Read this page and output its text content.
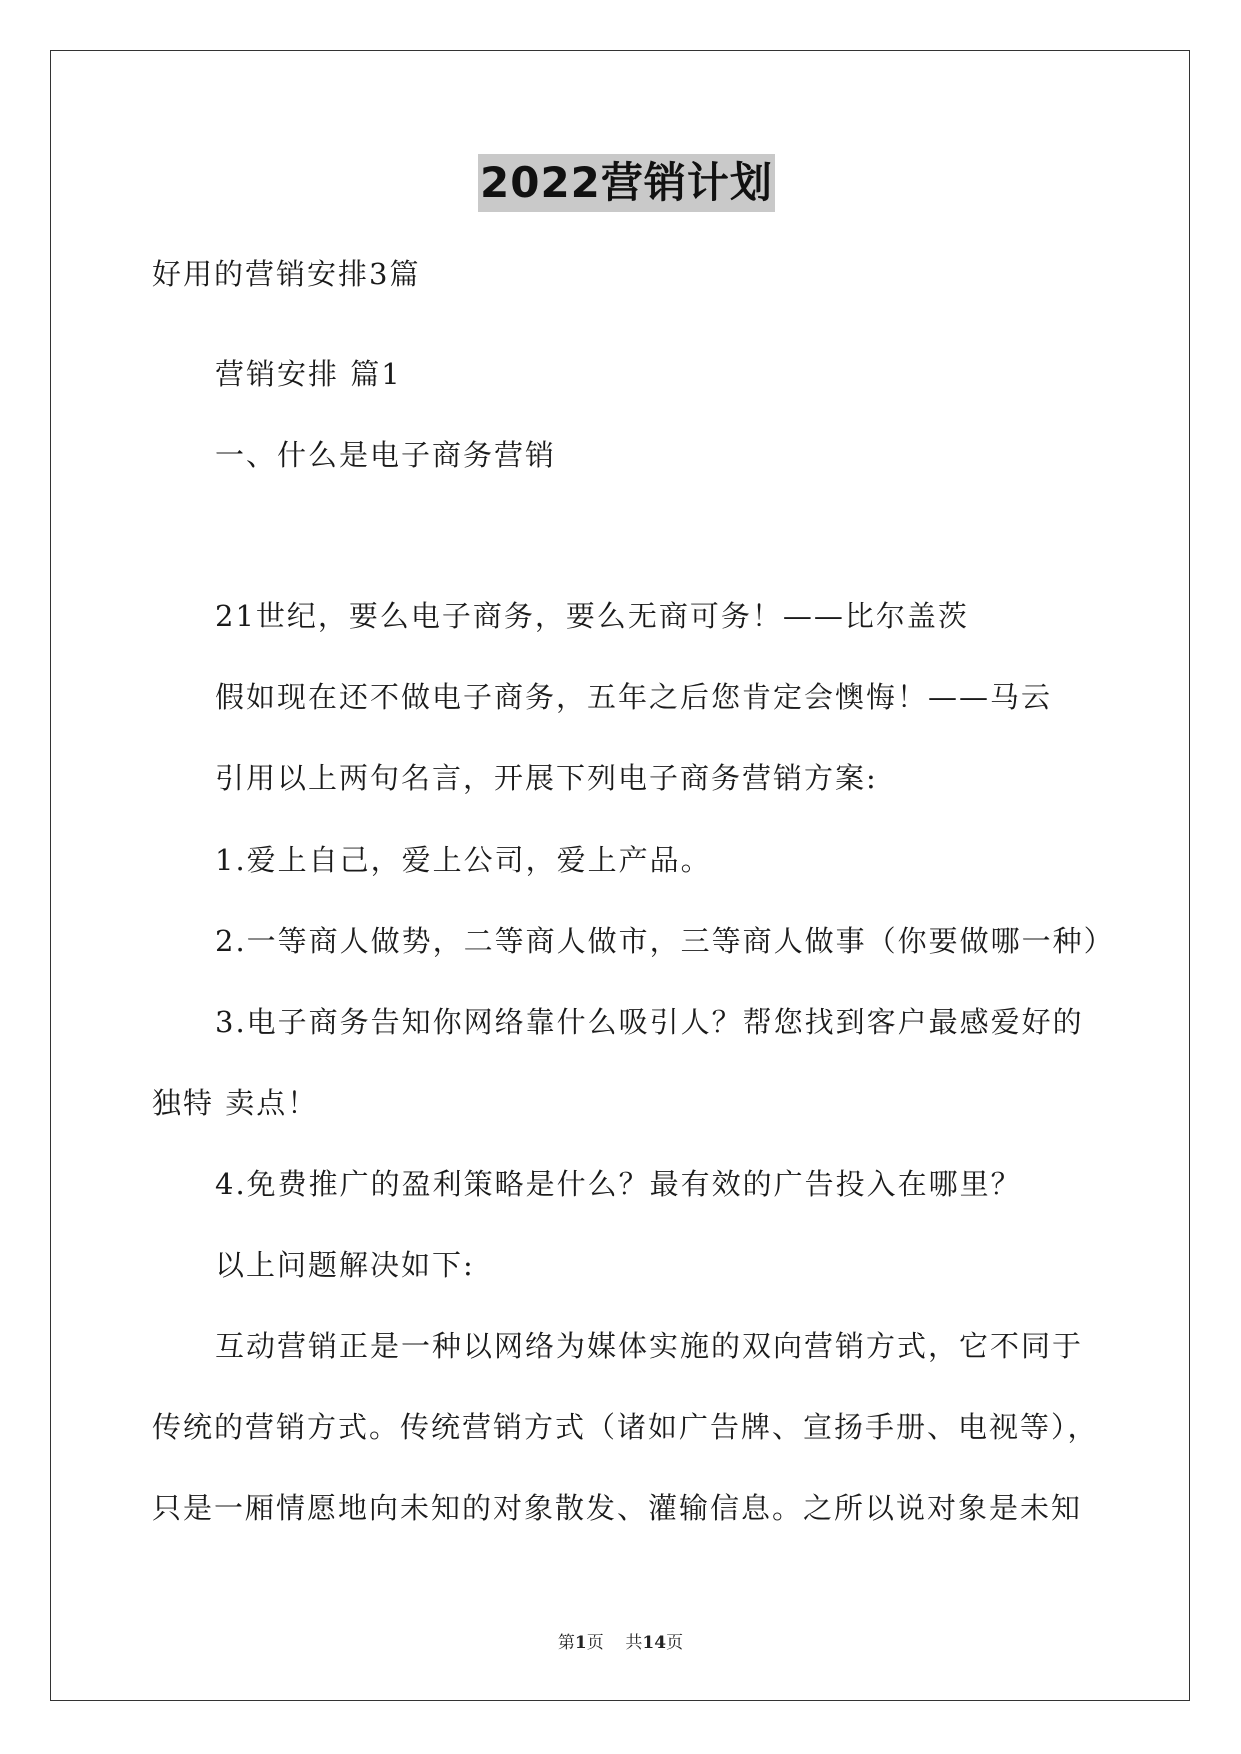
2022营销计划
好用的营销安排3篇
营销安排 篇1
一、什么是电子商务营销
21世纪，要么电子商务，要么无商可务！——比尔盖茨
假如现在还不做电子商务，五年之后您肯定会懊悔！——马云
引用以上两句名言，开展下列电子商务营销方案:
1.爱上自己，爱上公司，爱上产品。
2.一等商人做势，二等商人做市，三等商人做事（你要做哪一种）
3.电子商务告知你网络靠什么吸引人？帮您找到客户最感爱好的
独特 卖点！
4.免费推广的盈利策略是什么？最有效的广告投入在哪里？
以上问题解决如下:
互动营销正是一种以网络为媒体实施的双向营销方式，它不同于
传统的营销方式。传统营销方式（诸如广告牌、宣扬手册、电视等），
只是一厢情愿地向未知的对象散发、灌输信息。之所以说对象是未知
第1页 共14页
